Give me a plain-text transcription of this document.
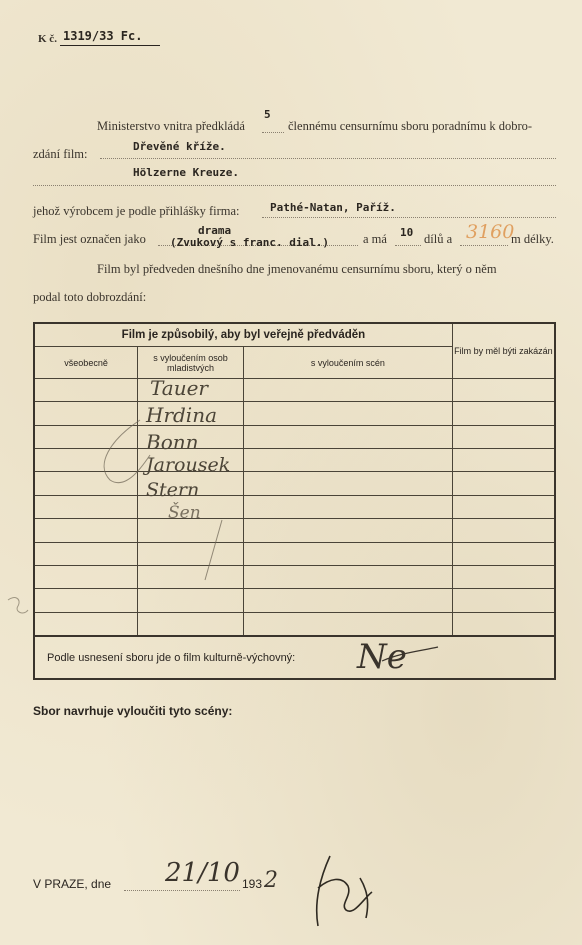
K č. 1319/33 Fc.
Ministerstvo vnitra předkládá
5
člennému censurnímu sboru poradnímu k dobro-
zdání film:
Dřevěné kříže.
Hölzerne Kreuze.
jehož výrobcem je podle přihlášky firma:	Pathé-Natan, Paříž.
Film jest označen jako
drama
(Zvukový s franc. dial.)	a má 10 dílů a 3160
m délky.
Film byl předveden dnešního dne jmenovanému censurnímu sboru, který o něm
podal toto dobrozdání:
Film je způsobilý, aby byl veřejně předváděn			Film by měl býti zakázán
všeobecně	s vyloučením osob mladistvých	s vyloučením scén	

Podle usnesení sboru jde o film kulturně-výchovný:			
Tauer
Hrdina
Bonn
Jarousek
Stern
Šen
Ne
Sbor navrhuje vyloučiti tyto scény:
V PRAZE, dne 21/10 193 2
